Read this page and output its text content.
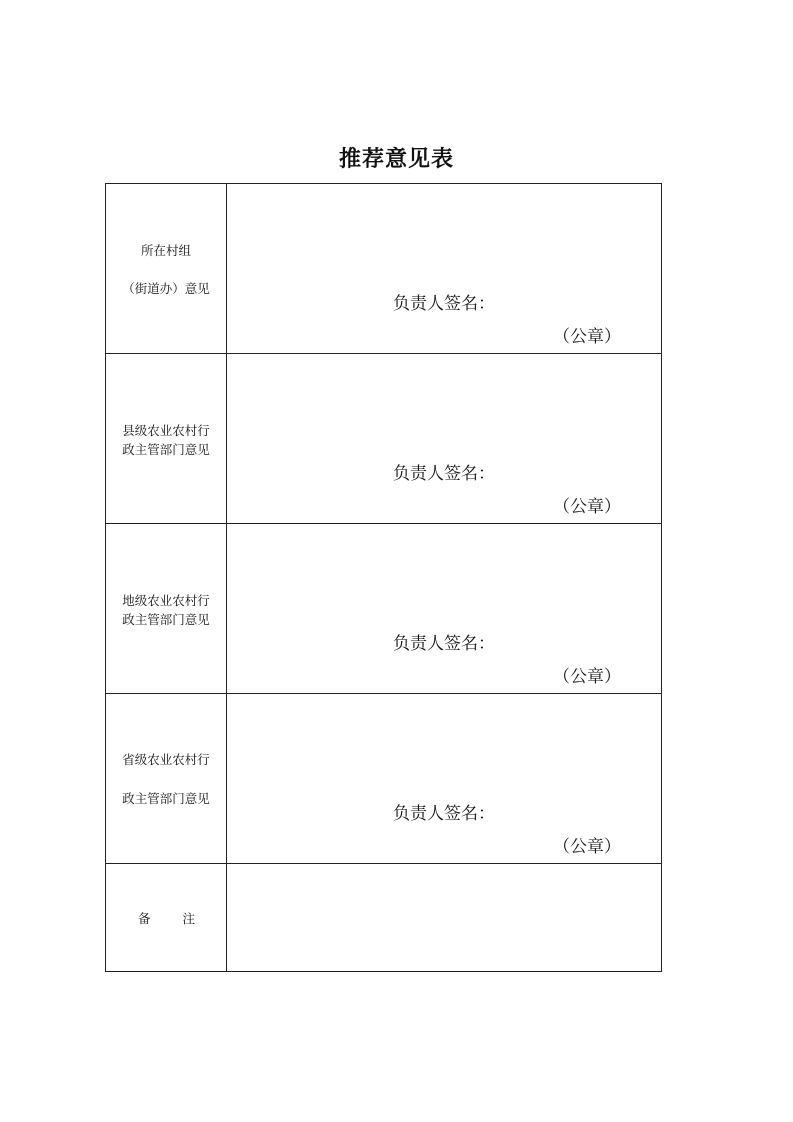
推荐意见表
所在村组
（街道办）意见	负责人签名：
（公章）

县级农业农村行
政主管部门意见	负责人签名：
（公章）

地级农业农村行
政主管部门意见	负责人签名：
（公章）

省级农业农村行
政主管部门意见	负责人签名：
（公章）

备注	
